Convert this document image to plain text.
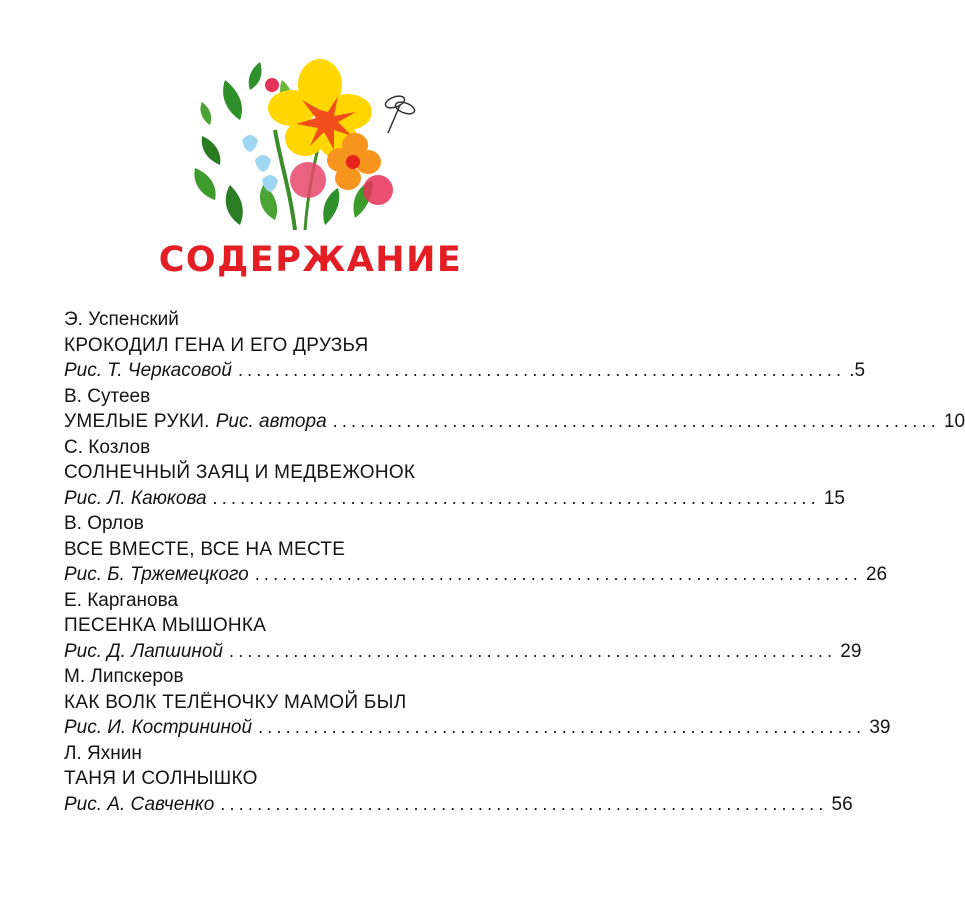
СОДЕРЖАНИЕ
Э. Успенский
КРОКОДИЛ ГЕНА И ЕГО ДРУЗЬЯ
Рис. Т. Черкасовой .................................................................. .5
В. Сутеев
УМЕЛЫЕ РУКИ. Рис. автора .................................................................. 10
С. Козлов
СОЛНЕЧНЫЙ ЗАЯЦ И МЕДВЕЖОНОК
Рис. Л. Каюкова .................................................................. 15
В. Орлов
ВСЕ ВМЕСТЕ, ВСЕ НА МЕСТЕ
Рис. Б. Тржемецкого .................................................................. 26
Е. Карганова
ПЕСЕНКА МЫШОНКА
Рис. Д. Лапшиной .................................................................. 29
М. Липскеров
КАК ВОЛК ТЕЛЁНОЧКУ МАМОЙ БЫЛ
Рис. И. Кострининой .................................................................. 39
Л. Яхнин
ТАНЯ И СОЛНЫШКО
Рис. А. Савченко .................................................................. 56
